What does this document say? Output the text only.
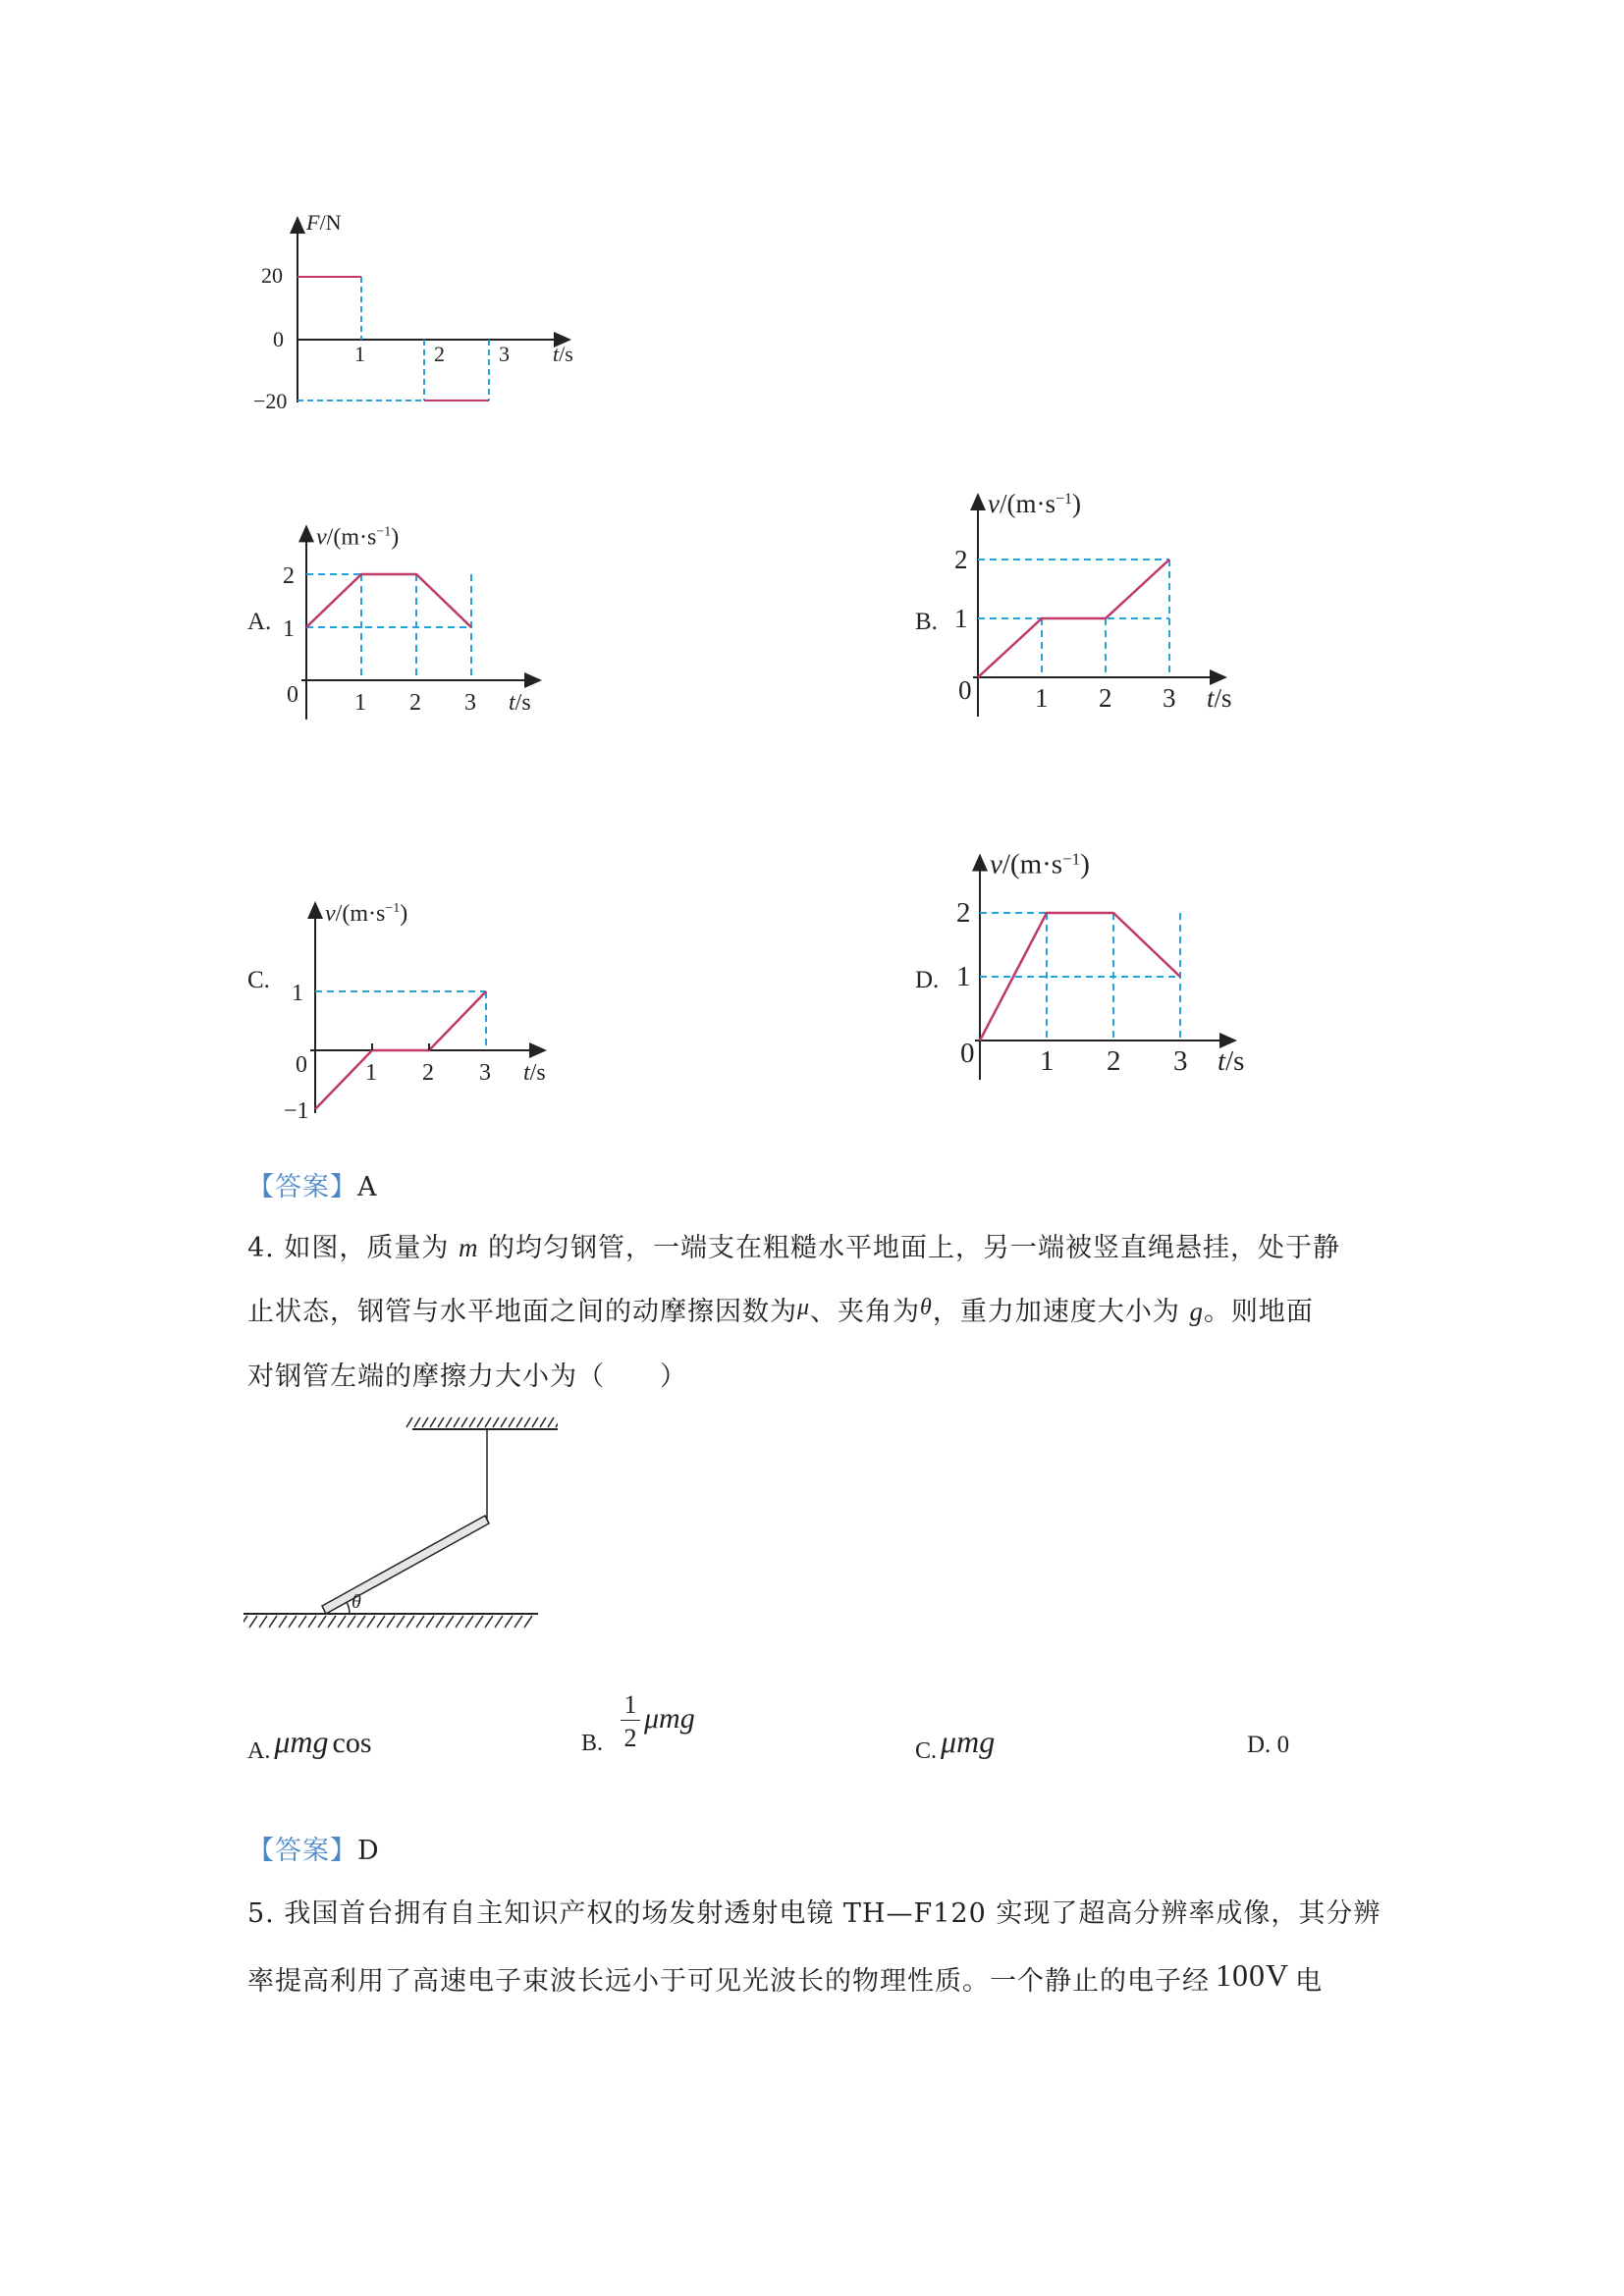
F/N
20
0
−20
1	2	3 t/s
A.
$v/(m\cdot s^{-1})$
t/s
0 1 2 3
1
2
B.
$v/(m\cdot s^{-1})$
t/s
0 1 2 3
1
2
C.
$v/(m\cdot s^{-1})$
t/s
0 1 2 3
−1
1	D.
$v/(m\cdot s^{-1})$
t/s
0 1 2 3
1
2
【答案】A
4. 如图，质量为 m 的均匀钢管，一端支在粗糙水平地面上，另一端被竖直绳悬挂，处于静
止状态，钢管与水平地面之间的动摩擦因数为μ、夹角为θ，重力加速度大小为 g。则地面
对钢管左端的摩擦力大小为（　　）
θ
A. μmg cos	B.
1
2
μmg
C. μmg	D. 0
【答案】D
5. 我国首台拥有自主知识产权的场发射透射电镜 TH—F120 实现了超高分辨率成像，其分辨
率提高利用了高速电子束波长远小于可见光波长的物理性质。一个静止的电子经 100V 电
